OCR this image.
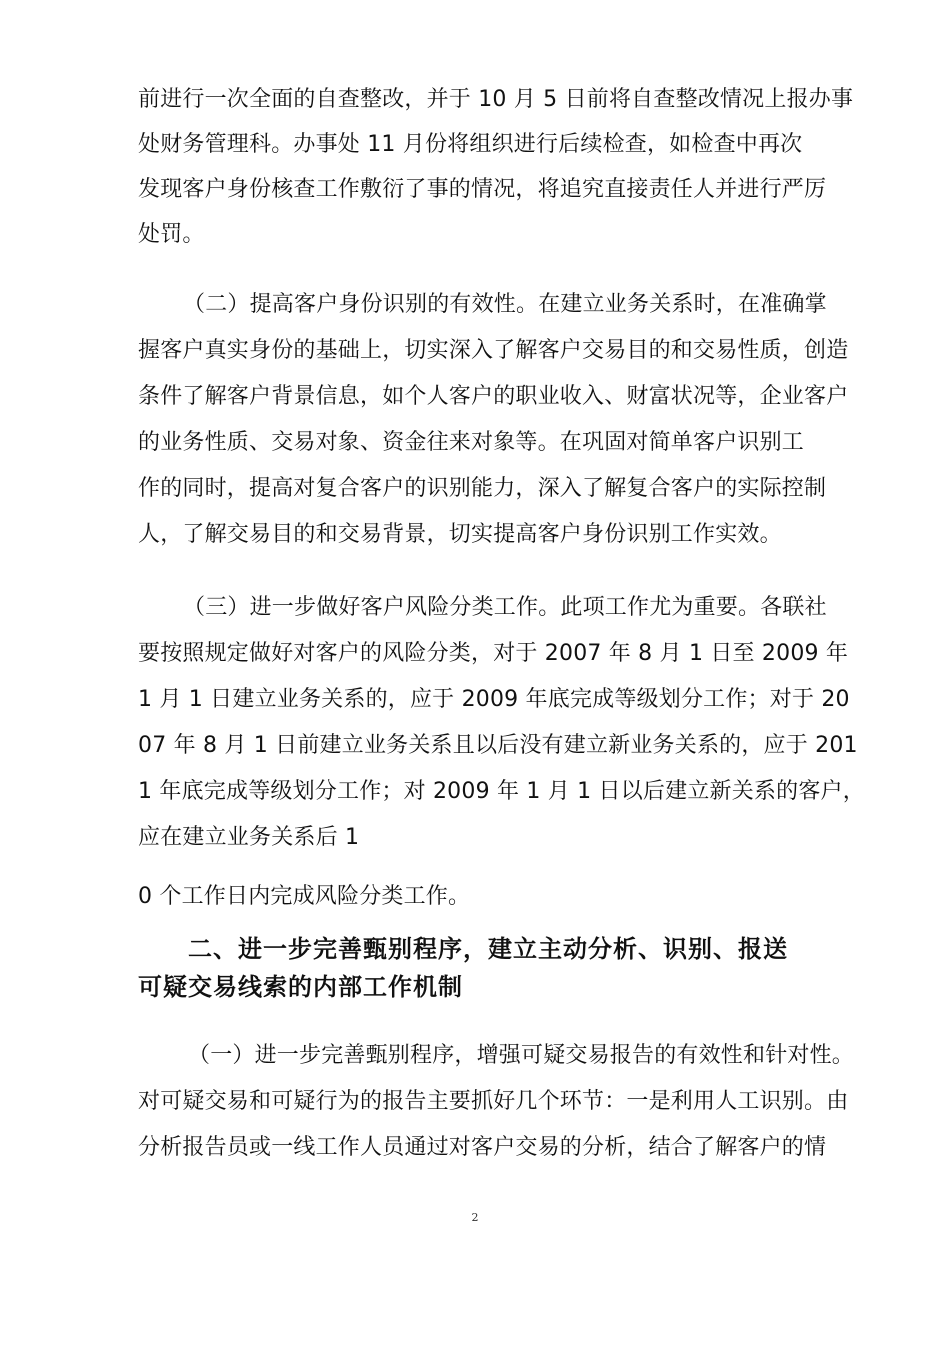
前进行一次全面的自查整改，并于 10 月 5 日前将自查整改情况上报办事
处财务管理科。办事处 11 月份将组织进行后续检查，如检查中再次
发现客户身份核查工作敷衍了事的情况，将追究直接责任人并进行严厉
处罚。
（二）提高客户身份识别的有效性。在建立业务关系时，在准确掌
握客户真实身份的基础上，切实深入了解客户交易目的和交易性质，创造
条件了解客户背景信息，如个人客户的职业收入、财富状况等，企业客户
的业务性质、交易对象、资金往来对象等。在巩固对简单客户识别工
作的同时，提高对复合客户的识别能力，深入了解复合客户的实际控制
人，了解交易目的和交易背景，切实提高客户身份识别工作实效。
（三）进一步做好客户风险分类工作。此项工作尤为重要。各联社
要按照规定做好对客户的风险分类，对于 2007 年 8 月 1 日至 2009 年
1 月 1 日建立业务关系的，应于 2009 年底完成等级划分工作；对于 20
07 年 8 月 1 日前建立业务关系且以后没有建立新业务关系的，应于 201
1 年底完成等级划分工作；对 2009 年 1 月 1 日以后建立新关系的客户，
应在建立业务关系后 1
0 个工作日内完成风险分类工作。
二、进一步完善甄别程序，建立主动分析、识别、报送
可疑交易线索的内部工作机制
（一）进一步完善甄别程序，增强可疑交易报告的有效性和针对性。
对可疑交易和可疑行为的报告主要抓好几个环节：一是利用人工识别。由
分析报告员或一线工作人员通过对客户交易的分析，结合了解客户的情
2
